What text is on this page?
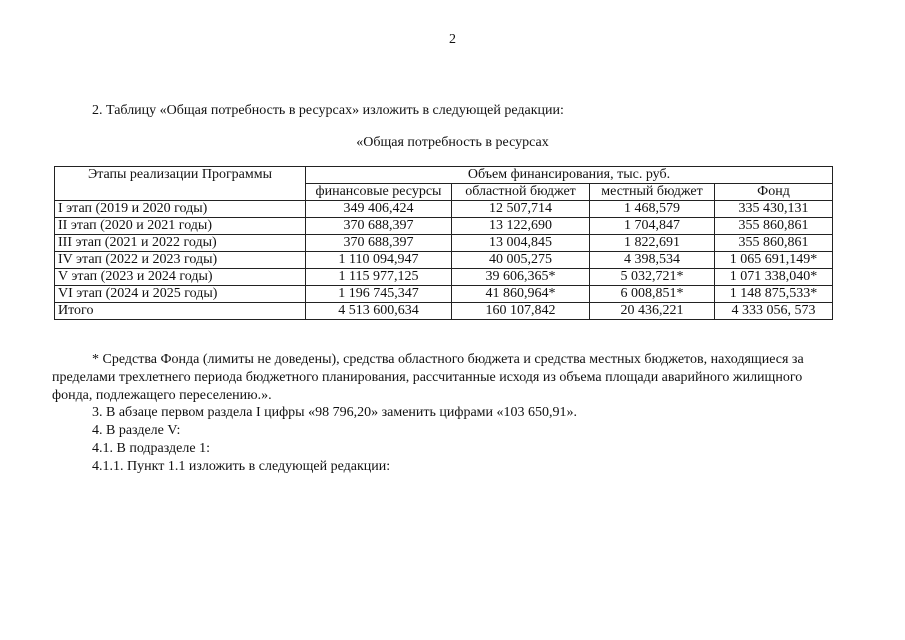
2
2. Таблицу «Общая потребность в ресурсах» изложить в следующей редакции:
«Общая потребность в ресурсах
Этапы реализации Программы	Объем финансирования, тыс. руб.			
	финансовые ресурсы	областной бюджет	местный бюджет	Фонд
I этап (2019 и 2020 годы)	349 406,424	12 507,714	1 468,579	335 430,131
II этап (2020 и 2021 годы)	370 688,397	13 122,690	1 704,847	355 860,861
III этап (2021 и 2022 годы)	370 688,397	13 004,845	1 822,691	355 860,861
IV этап (2022 и 2023 годы)	1 110 094,947	40 005,275	4 398,534	1 065 691,149*
V этап (2023 и 2024 годы)	1 115 977,125	39 606,365*	5 032,721*	1 071 338,040*
VI этап (2024 и 2025 годы)	1 196 745,347	41 860,964*	6 008,851*	1 148 875,533*
Итого	4 513 600,634	160 107,842	20 436,221	4 333 056, 573
* Средства Фонда (лимиты не доведены), средства областного бюджета и средства местных бюджетов, находящиеся за пределами трехлетнего периода бюджетного планирования, рассчитанные исходя из объема площади аварийного жилищного фонда, подлежащего переселению.».
3. В абзаце первом раздела I цифры «98 796,20» заменить цифрами «103 650,91».
4. В разделе V:
4.1. В подразделе 1:
4.1.1. Пункт 1.1 изложить в следующей редакции:
